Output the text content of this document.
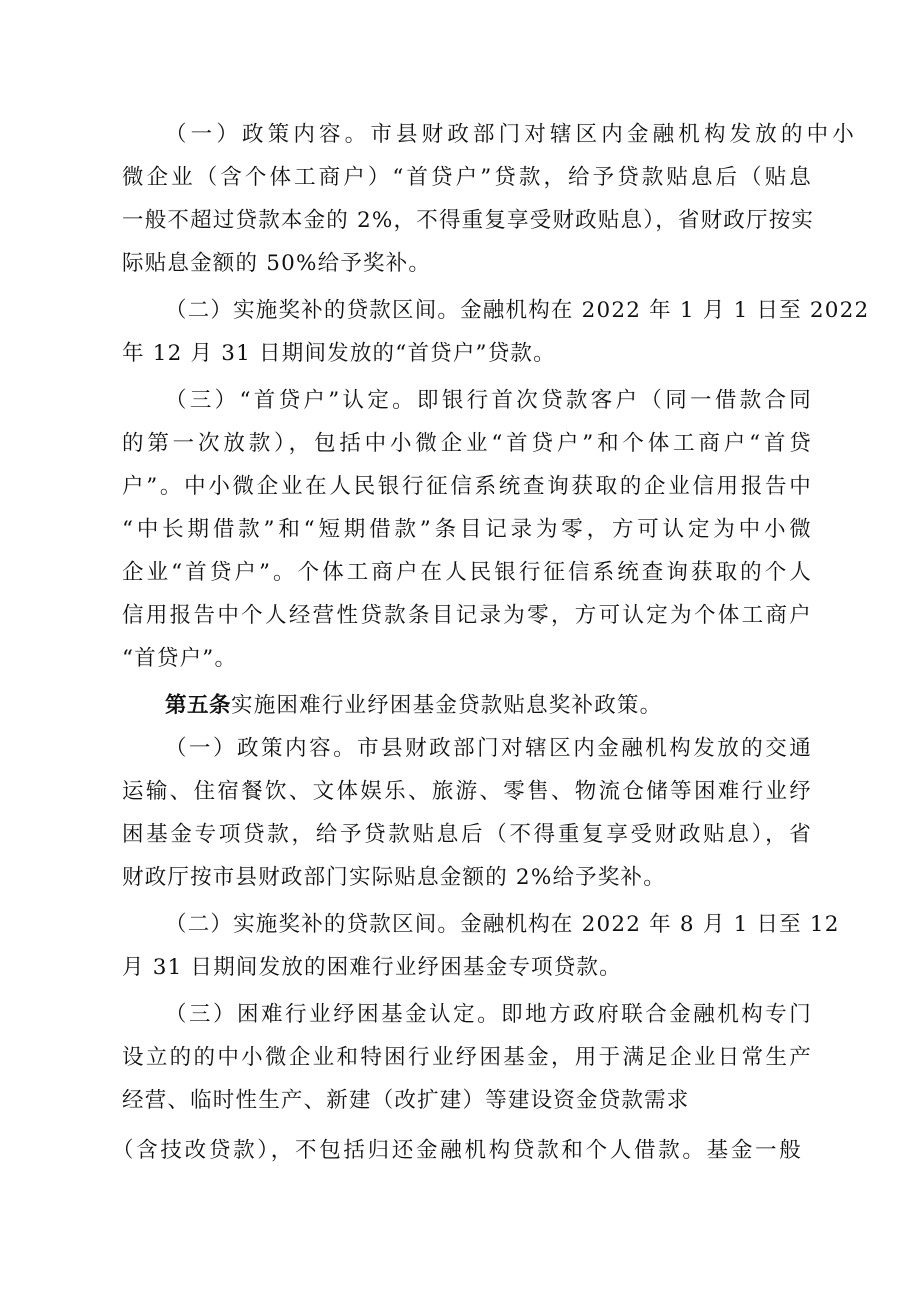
（一）政策内容。市县财政部门对辖区内金融机构发放的中小
微企业（含个体工商户）“首贷户”贷款，给予贷款贴息后（贴息
一般不超过贷款本金的 2%，不得重复享受财政贴息），省财政厅按实
际贴息金额的 50%给予奖补。
（二）实施奖补的贷款区间。金融机构在 2022 年 1 月 1 日至 2022
年 12 月 31 日期间发放的“首贷户”贷款。
（三）“首贷户”认定。即银行首次贷款客户（同一借款合同
的第一次放款），包括中小微企业“首贷户”和个体工商户“首贷
户”。中小微企业在人民银行征信系统查询获取的企业信用报告中
“中长期借款”和“短期借款”条目记录为零，方可认定为中小微
企业“首贷户”。个体工商户在人民银行征信系统查询获取的个人
信用报告中个人经营性贷款条目记录为零，方可认定为个体工商户
“首贷户”。
第五条实施困难行业纾困基金贷款贴息奖补政策。
（一）政策内容。市县财政部门对辖区内金融机构发放的交通
运输、住宿餐饮、文体娱乐、旅游、零售、物流仓储等困难行业纾
困基金专项贷款，给予贷款贴息后（不得重复享受财政贴息），省
财政厅按市县财政部门实际贴息金额的 2%给予奖补。
（二）实施奖补的贷款区间。金融机构在 2022 年 8 月 1 日至 12
月 31 日期间发放的困难行业纾困基金专项贷款。
（三）困难行业纾困基金认定。即地方政府联合金融机构专门
设立的的中小微企业和特困行业纾困基金，用于满足企业日常生产
经营、临时性生产、新建（改扩建）等建设资金贷款需求
（含技改贷款），不包括归还金融机构贷款和个人借款。基金一般
